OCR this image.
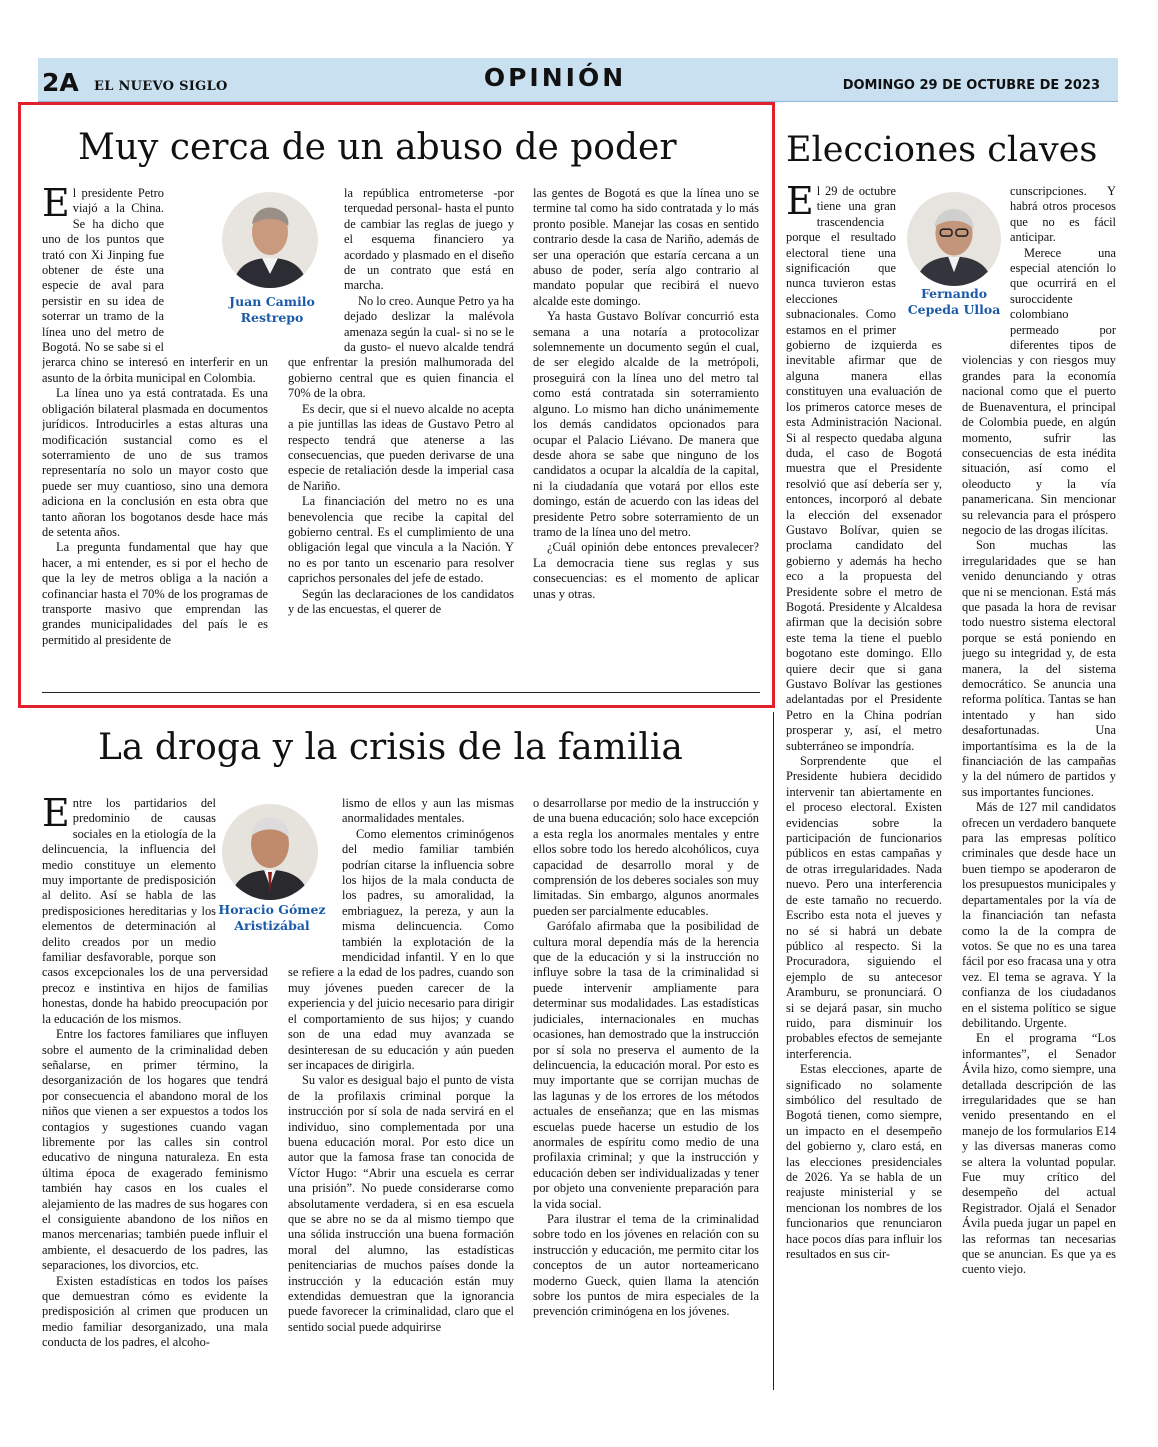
2A EL NUEVO SIGLO	OPINIÓN	DOMINGO 29 DE OCTUBRE DE 2023
Muy cerca de un abuso de poder
Juan Camilo Restrepo

El presidente Petro viajó a la China. Se ha dicho que uno de los puntos que trató con Xi Jinping fue obtener de éste una especie de aval para persistir en su idea de soterrar un tramo de la línea uno del metro de Bogotá. No se sabe si el jerarca chino se interesó en interferir en un asunto de la órbita municipal en Colombia.

La línea uno ya está contratada. Es una obligación bilateral plasmada en documentos jurídicos. Introducirles a estas alturas una modificación sustancial como es el soterramiento de uno de sus tramos representaría no solo un mayor costo que puede ser muy cuantioso, sino una demora adiciona en la conclusión en esta obra que tanto añoran los bogotanos desde hace más de setenta años.

La pregunta fundamental que hay que hacer, a mi entender, es si por el hecho de que la ley de metros obliga a la nación a cofinanciar hasta el 70% de los programas de transporte masivo que emprendan las grandes municipalidades del país le es permitido al presidente de

la república entrometerse -por terquedad personal- hasta el punto de cambiar las reglas de juego y el esquema financiero ya acordado y plasmado en el diseño de un contrato que está en marcha.

No lo creo. Aunque Petro ya ha dejado deslizar la malévola amenaza según la cual- si no se le da gusto- el nuevo alcalde tendrá que enfrentar la presión malhumorada del gobierno central que es quien financia el 70% de la obra.

Es decir, que si el nuevo alcalde no acepta a pie juntillas las ideas de Gustavo Petro al respecto tendrá que atenerse a las consecuencias, que pueden derivarse de una especie de retaliación desde la imperial casa de Nariño.

La financiación del metro no es una benevolencia que recibe la capital del gobierno central. Es el cumplimiento de una obligación legal que vincula a la Nación. Y no es por tanto un escenario para resolver caprichos personales del jefe de estado.

Según las declaraciones de los candidatos y de las encuestas, el querer de

las gentes de Bogotá es que la línea uno se termine tal como ha sido contratada y lo más pronto posible. Manejar las cosas en sentido contrario desde la casa de Nariño, además de ser una operación que estaría cercana a un abuso de poder, sería algo contrario al mandato popular que recibirá el nuevo alcalde este domingo.

Ya hasta Gustavo Bolívar concurrió esta semana a una notaría a protocolizar solemnemente un documento según el cual, de ser elegido alcalde de la metrópoli, proseguirá con la línea uno del metro tal como está contratada sin soterramiento alguno. Lo mismo han dicho unánimemente los demás candidatos opcionados para ocupar el Palacio Liévano. De manera que desde ahora se sabe que ninguno de los candidatos a ocupar la alcaldía de la capital, ni la ciudadanía que votará por ellos este domingo, están de acuerdo con las ideas del presidente Petro sobre soterramiento de un tramo de la línea uno del metro.

¿Cuál opinión debe entonces prevalecer? La democracia tiene sus reglas y sus consecuencias: es el momento de aplicar unas y otras.

La droga y la crisis de la familia
Horacio Gómez Aristizábal

Entre los partidarios del predominio de causas sociales en la etiología de la delincuencia, la influencia del medio constituye un elemento muy importante de predisposición al delito. Así se habla de las predisposiciones hereditarias y los elementos de determinación al delito creados por un medio familiar desfavorable, porque son casos excepcionales los de una perversidad precoz e instintiva en hijos de familias honestas, donde ha habido preocupación por la educación de los mismos.

Entre los factores familiares que influyen sobre el aumento de la criminalidad deben señalarse, en primer término, la desorganización de los hogares que tendrá por consecuencia el abandono moral de los niños que vienen a ser expuestos a todos los contagios y sugestiones cuando vagan libremente por las calles sin control educativo de ninguna naturaleza. En esta última época de exagerado feminismo también hay casos en los cuales el alejamiento de las madres de sus hogares con el consiguiente abandono de los niños en manos mercenarias; también puede influir el ambiente, el desacuerdo de los padres, las separaciones, los divorcios, etc.

Existen estadísticas en todos los países que demuestran cómo es evidente la predisposición al crimen que producen un medio familiar desorganizado, una mala conducta de los padres, el alcoho-

lismo de ellos y aun las mismas anormalidades mentales.

Como elementos criminógenos del medio familiar también podrían citarse la influencia sobre los hijos de la mala conducta de los padres, su amoralidad, la embriaguez, la pereza, y aun la misma delincuencia. Como también la explotación de la mendicidad infantil. Y en lo que se refiere a la edad de los padres, cuando son muy jóvenes pueden carecer de la experiencia y del juicio necesario para dirigir el comportamiento de sus hijos; y cuando son de una edad muy avanzada se desinteresan de su educación y aún pueden ser incapaces de dirigirla.

Su valor es desigual bajo el punto de vista de la profilaxis criminal porque la instrucción por sí sola de nada servirá en el individuo, sino complementada por una buena educación moral. Por esto dice un autor que la famosa frase tan conocida de Víctor Hugo: “Abrir una escuela es cerrar una prisión”. No puede considerarse como absolutamente verdadera, si en esa escuela que se abre no se da al mismo tiempo que una sólida instrucción una buena formación moral del alumno, las estadísticas penitenciarias de muchos países donde la instrucción y la educación están muy extendidas demuestran que la ignorancia puede favorecer la criminalidad, claro que el sentido social puede adquirirse

o desarrollarse por medio de la instrucción y de una buena educación; solo hace excepción a esta regla los anormales mentales y entre ellos sobre todo los heredo alcohólicos, cuya capacidad de desarrollo moral y de comprensión de los deberes sociales son muy limitadas. Sin embargo, algunos anormales pueden ser parcialmente educables.

Garófalo afirmaba que la posibilidad de cultura moral dependía más de la herencia que de la educación y si la instrucción no influye sobre la tasa de la criminalidad si puede intervenir ampliamente para determinar sus modalidades. Las estadísticas judiciales, internacionales en muchas ocasiones, han demostrado que la instrucción por sí sola no preserva el aumento de la delincuencia, la educación moral. Por esto es muy importante que se corrijan muchas de las lagunas y de los errores de los métodos actuales de enseñanza; que en las mismas escuelas puede hacerse un estudio de los anormales de espíritu como medio de una profilaxia criminal; y que la instrucción y educación deben ser individualizadas y tener por objeto una conveniente preparación para la vida social.

Para ilustrar el tema de la criminalidad sobre todo en los jóvenes en relación con su instrucción y educación, me permito citar los conceptos de un autor norteamericano moderno Gueck, quien llama la atención sobre los puntos de mira especiales de la prevención criminógena en los jóvenes.

Elecciones claves
Fernando Cepeda Ulloa

El 29 de octubre tiene una gran trascendencia porque el resultado electoral tiene una significación que nunca tuvieron estas elecciones subnacionales. Como estamos en el primer gobierno de izquierda es inevitable afirmar que de alguna manera ellas constituyen una evaluación de los primeros catorce meses de esta Administración Nacional. Si al respecto quedaba alguna duda, el caso de Bogotá muestra que el Presidente resolvió que así debería ser y, entonces, incorporó al debate la elección del exsenador Gustavo Bolívar, quien se proclama candidato del gobierno y además ha hecho eco a la propuesta del Presidente sobre el metro de Bogotá. Presidente y Alcaldesa afirman que la decisión sobre este tema la tiene el pueblo bogotano este domingo. Ello quiere decir que si gana Gustavo Bolívar las gestiones adelantadas por el Presidente Petro en la China podrían prosperar y, así, el metro subterráneo se impondría.

Sorprendente que el Presidente hubiera decidido intervenir tan abiertamente en el proceso electoral. Existen evidencias sobre la participación de funcionarios públicos en estas campañas y de otras irregularidades. Nada nuevo. Pero una interferencia de este tamaño no recuerdo. Escribo esta nota el jueves y no sé si habrá un debate público al respecto. Si la Procuradora, siguiendo el ejemplo de su antecesor Aramburu, se pronunciará. O si se dejará pasar, sin mucho ruido, para disminuir los probables efectos de semejante interferencia.

Estas elecciones, aparte de significado no solamente simbólico del resultado de Bogotá tienen, como siempre, un impacto en el desempeño del gobierno y, claro está, en las elecciones presidenciales de 2026. Ya se habla de un reajuste ministerial y se mencionan los nombres de los funcionarios que renunciaron hace pocos días para influir los resultados en sus cir-

cunscripciones. Y habrá otros procesos que no es fácil anticipar.

Merece una especial atención lo que ocurrirá en el suroccidente colombiano permeado por diferentes tipos de violencias y con riesgos muy grandes para la economía nacional como que el puerto de Buenaventura, el principal de Colombia puede, en algún momento, sufrir las consecuencias de esta inédita situación, así como el oleoducto y la vía panamericana. Sin mencionar su relevancia para el próspero negocio de las drogas ilícitas.

Son muchas las irregularidades que se han venido denunciando y otras que ni se mencionan. Está más que pasada la hora de revisar todo nuestro sistema electoral porque se está poniendo en juego su integridad y, de esta manera, la del sistema democrático. Se anuncia una reforma política. Tantas se han intentado y han sido desafortunadas. Una importantísima es la de la financiación de las campañas y la del número de partidos y sus importantes funciones.

Más de 127 mil candidatos ofrecen un verdadero banquete para las empresas político criminales que desde hace un buen tiempo se apoderaron de los presupuestos municipales y departamentales por la vía de la financiación tan nefasta como la de la compra de votos. Se que no es una tarea fácil por eso fracasa una y otra vez. El tema se agrava. Y la confianza de los ciudadanos en el sistema político se sigue debilitando. Urgente.

En el programa “Los informantes”, el Senador Ávila hizo, como siempre, una detallada descripción de las irregularidades que se han venido presentando en el manejo de los formularios E14 y las diversas maneras como se altera la voluntad popular. Fue muy crítico del desempeño del actual Registrador. Ojalá el Senador Ávila pueda jugar un papel en las reformas tan necesarias que se anuncian. Es que ya es cuento viejo.
